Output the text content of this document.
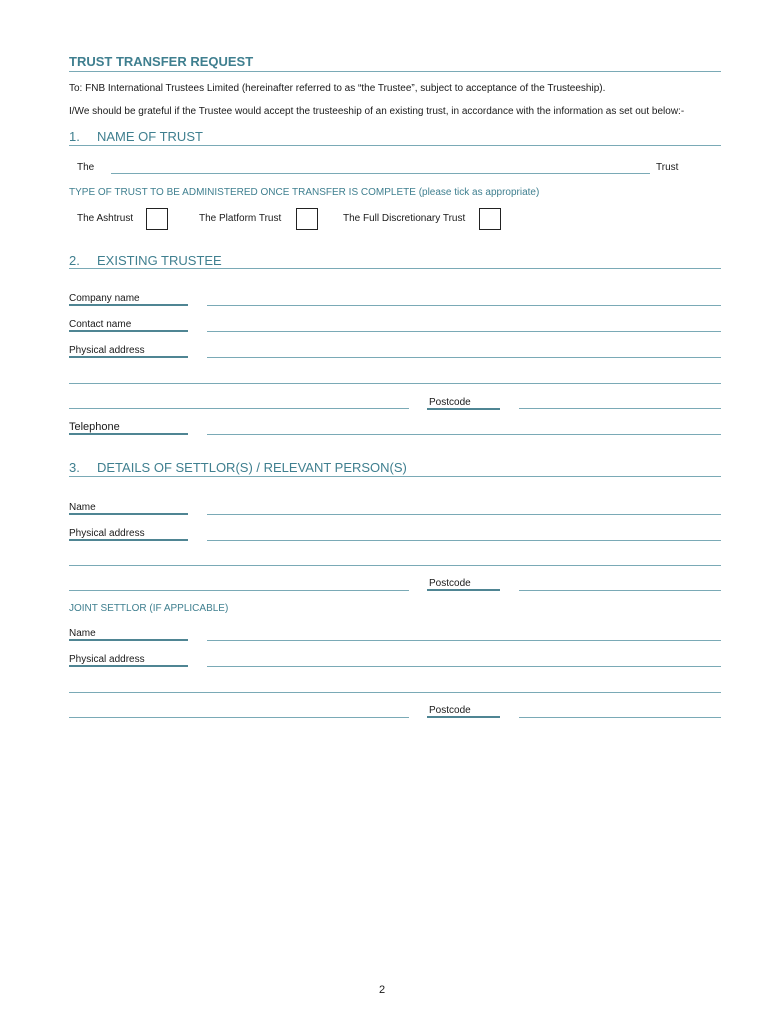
TRUST TRANSFER REQUEST
To: FNB International Trustees Limited (hereinafter referred to as “the Trustee”, subject to acceptance of the Trusteeship).
I/We should be grateful if the Trustee would accept the trusteeship of an existing trust, in accordance with the information as set out below:-
1. NAME OF TRUST
The	Trust
TYPE OF TRUST TO BE ADMINISTERED ONCE TRANSFER IS COMPLETE (please tick as appropriate)
The Ashtrust	The Platform Trust	The Full Discretionary Trust
2. EXISTING TRUSTEE
Company name
Contact name
Physical address
Postcode
Telephone
3. DETAILS OF SETTLOR(S) / RELEVANT PERSON(S)
Name
Physical address
Postcode
JOINT SETTLOR (IF APPLICABLE)
Name
Physical address
Postcode
2
